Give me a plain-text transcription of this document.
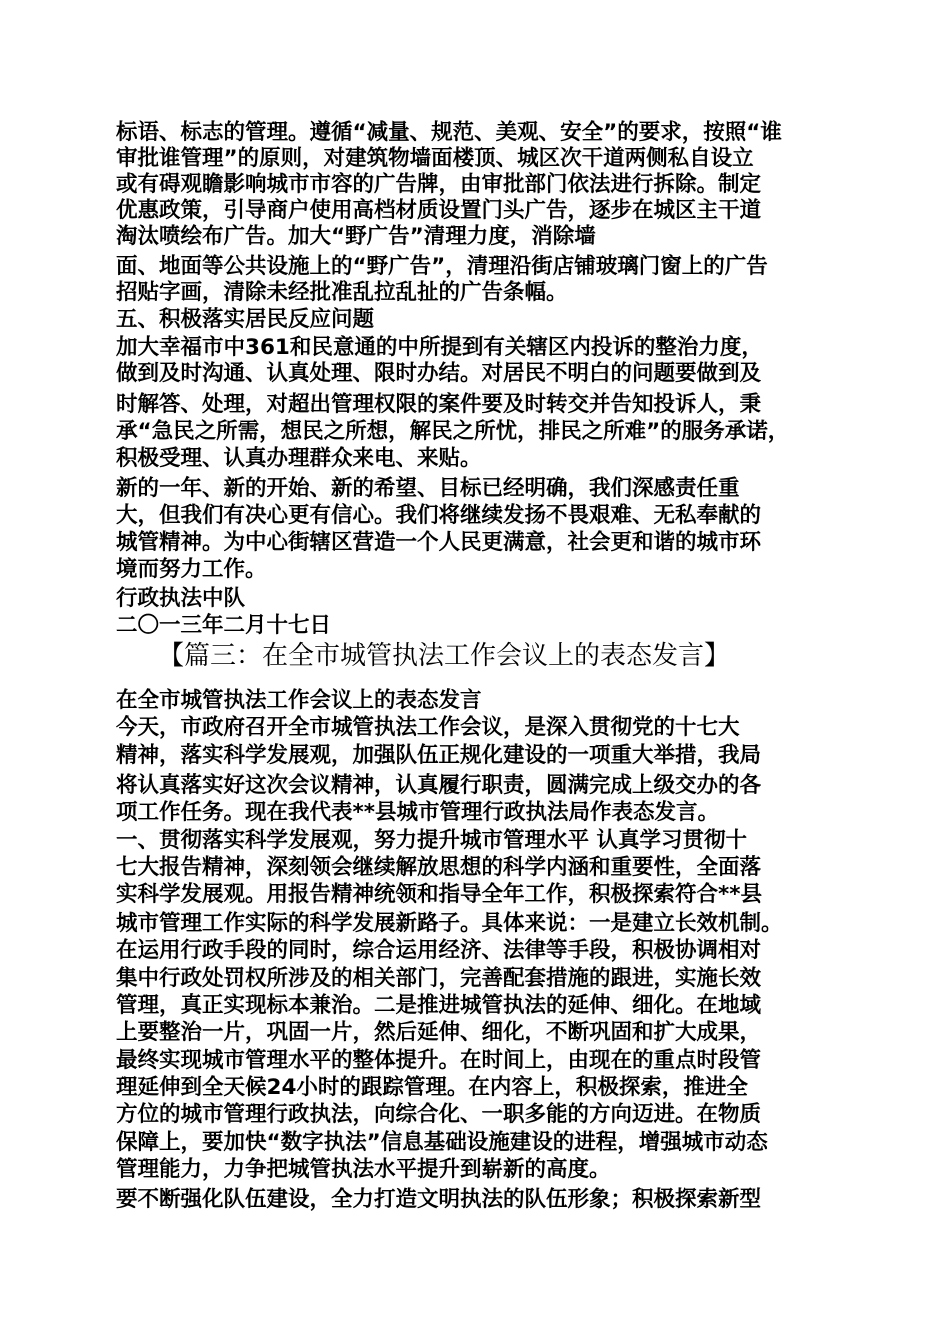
标语、标志的管理。遵循“减量、规范、美观、安全”的要求，按照“谁
审批谁管理”的原则，对建筑物墙面楼顶、城区次干道两侧私自设立
或有碍观瞻影响城市市容的广告牌，由审批部门依法进行拆除。制定
优惠政策，引导商户使用高档材质设置门头广告，逐步在城区主干道
淘汰喷绘布广告。加大“野广告”清理力度，消除墙
面、地面等公共设施上的“野广告”，清理沿街店铺玻璃门窗上的广告
招贴字画，清除未经批准乱拉乱扯的广告条幅。
五、积极落实居民反应问题
加大幸福市中361和民意通的中所提到有关辖区内投诉的整治力度，
做到及时沟通、认真处理、限时办结。对居民不明白的问题要做到及
时解答、处理，对超出管理权限的案件要及时转交并告知投诉人，秉
承“急民之所需，想民之所想，解民之所忧，排民之所难”的服务承诺，
积极受理、认真办理群众来电、来贴。
新的一年、新的开始、新的希望、目标已经明确，我们深感责任重
大，但我们有决心更有信心。我们将继续发扬不畏艰难、无私奉献的
城管精神。为中心街辖区营造一个人民更满意，社会更和谐的城市环
境而努力工作。
行政执法中队
二〇一三年二月十七日
【篇三：在全市城管执法工作会议上的表态发言】
在全市城管执法工作会议上的表态发言
今天，市政府召开全市城管执法工作会议，是深入贯彻党的十七大
精神，落实科学发展观，加强队伍正规化建设的一项重大举措，我局
将认真落实好这次会议精神，认真履行职责，圆满完成上级交办的各
项工作任务。现在我代表**县城市管理行政执法局作表态发言。
一、贯彻落实科学发展观，努力提升城市管理水平 认真学习贯彻十
七大报告精神，深刻领会继续解放思想的科学内涵和重要性，全面落
实科学发展观。用报告精神统领和指导全年工作，积极探索符合**县
城市管理工作实际的科学发展新路子。具体来说：一是建立长效机制。
在运用行政手段的同时，综合运用经济、法律等手段，积极协调相对
集中行政处罚权所涉及的相关部门，完善配套措施的跟进，实施长效
管理，真正实现标本兼治。二是推进城管执法的延伸、细化。在地域
上要整治一片，巩固一片，然后延伸、细化，不断巩固和扩大成果，
最终实现城市管理水平的整体提升。在时间上，由现在的重点时段管
理延伸到全天候24小时的跟踪管理。在内容上，积极探索，推进全
方位的城市管理行政执法，向综合化、一职多能的方向迈进。在物质
保障上，要加快“数字执法”信息基础设施建设的进程，增强城市动态
管理能力，力争把城管执法水平提升到崭新的高度。
要不断强化队伍建设，全力打造文明执法的队伍形象；积极探索新型
